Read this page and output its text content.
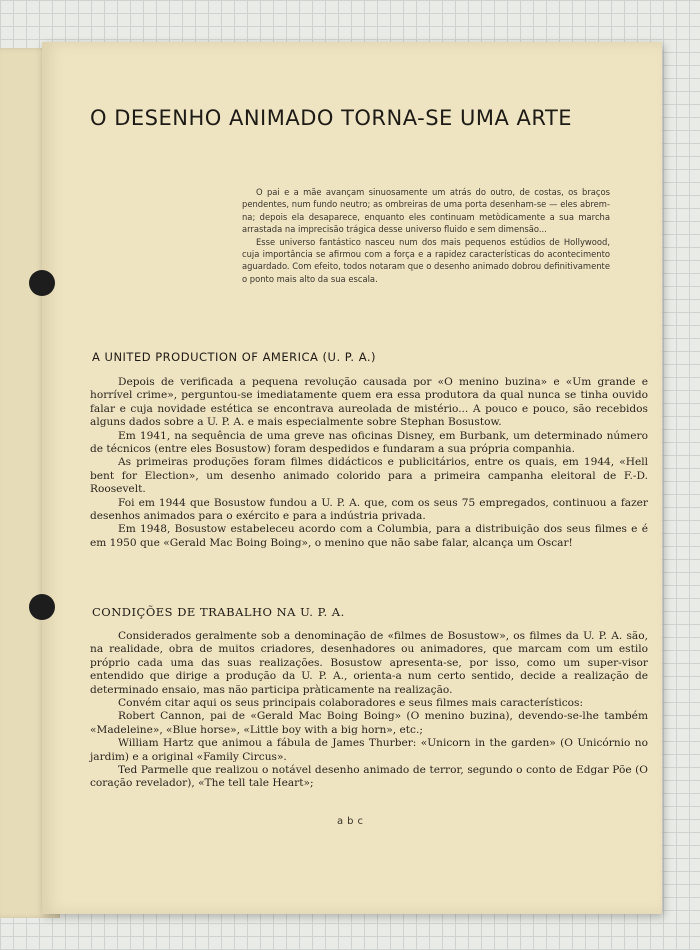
O DESENHO ANIMADO TORNA-SE UMA ARTE

O pai e a mãe avançam sinuosamente um atrás do outro, de costas, os braços pendentes, num fundo neutro; as ombreiras de uma porta desenham-se — eles abrem-na; depois ela desaparece, enquanto eles continuam metòdicamente a sua marcha arrastada na imprecisão trágica desse universo fluido e sem dimensão...

Esse universo fantástico nasceu num dos mais pequenos estúdios de Hollywood, cuja importância se afirmou com a força e a rapidez características do acontecimento aguardado. Com efeito, todos notaram que o desenho animado dobrou definitivamente o ponto mais alto da sua escala.

A UNITED PRODUCTION OF AMERICA (U. P. A.)

Depois de verificada a pequena revolução causada por «O menino buzina» e «Um grande e horrível crime», perguntou-se imediatamente quem era essa produtora da qual nunca se tinha ouvido falar e cuja novidade estética se encontrava aureolada de mistério... A pouco e pouco, são recebidos alguns dados sobre a U. P. A. e mais especialmente sobre Stephan Bosustow.

Em 1941, na sequência de uma greve nas oficinas Disney, em Burbank, um determinado número de técnicos (entre eles Bosustow) foram despedidos e fundaram a sua própria companhia.

As primeiras produções foram filmes didácticos e publicitários, entre os quais, em 1944, «Hell bent for Election», um desenho animado colorido para a primeira campanha eleitoral de F.-D. Roosevelt.

Foi em 1944 que Bosustow fundou a U. P. A. que, com os seus 75 empregados, continuou a fazer desenhos animados para o exército e para a indústria privada.

Em 1948, Bosustow estabeleceu acordo com a Columbia, para a distribuição dos seus filmes e é em 1950 que «Gerald Mac Boing Boing», o menino que não sabe falar, alcança um Oscar!

CONDIÇÕES DE TRABALHO NA U. P. A.

Considerados geralmente sob a denominação de «filmes de Bosustow», os filmes da U. P. A. são, na realidade, obra de muitos criadores, desenhadores ou animadores, que marcam com um estilo próprio cada uma das suas realizações. Bosustow apresenta-se, por isso, como um super-visor entendido que dirige a produção da U. P. A., orienta-a num certo sentido, decide a realização de determinado ensaio, mas não participa pràticamente na realização.

Convém citar aqui os seus principais colaboradores e seus filmes mais característicos:

Robert Cannon, pai de «Gerald Mac Boing Boing» (O menino buzina), devendo-se-lhe também «Madeleine», «Blue horse», «Little boy with a big horn», etc.;

William Hartz que animou a fábula de James Thurber: «Unicorn in the garden» (O Unicórnio no jardim) e a original «Family Circus».

Ted Parmelle que realizou o notável desenho animado de terror, segundo o conto de Edgar Põe (O coração revelador), «The tell tale Heart»;

abc
